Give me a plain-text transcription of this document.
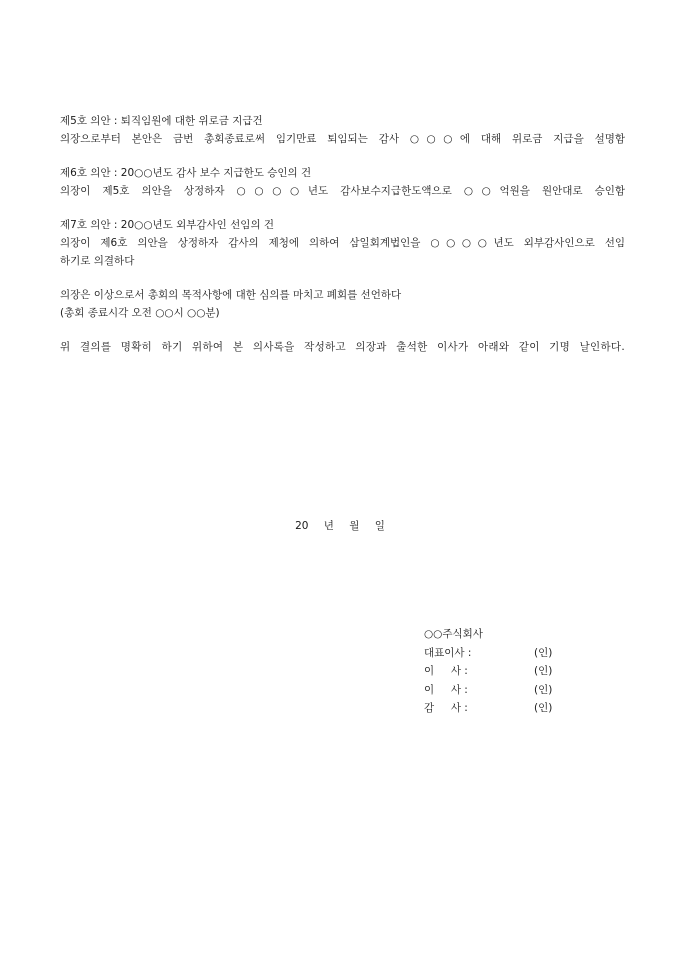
제5호 의안 : 퇴직임원에 대한 위로금 지급건
의장으로부터 본안은 금번 총회종료로써 임기만료 퇴임되는 감사 ○○○에 대해 위로금 지급을 설명함
제6호 의안 : 20○○년도 감사 보수 지급한도 승인의 건
의장이 제5호 의안을 상정하자 ○○○○년도 감사보수지급한도액으로 ○○억원을 원안대로 승인함
제7호 의안 : 20○○년도 외부감사인 선임의 건
의장이 제6호 의안을 상정하자 감사의 제청에 의하여 삼일회계법인을 ○○○○년도 외부감사인으로 선임
하기로 의결하다
의장은 이상으로서 총회의 목적사항에 대한 심의를 마치고 폐회를 선언하다
(총회 종료시각 오전 ○○시 ○○분)
위 결의를 명확히 하기 위하여 본 의사록을 작성하고 의장과 출석한 이사가 아래와 같이 기명 날인하다.
20 년 월 일
○○주식회사
대표이사 :	(인)
이     사 :	(인)
이     사 :	(인)
감     사 :	(인)
